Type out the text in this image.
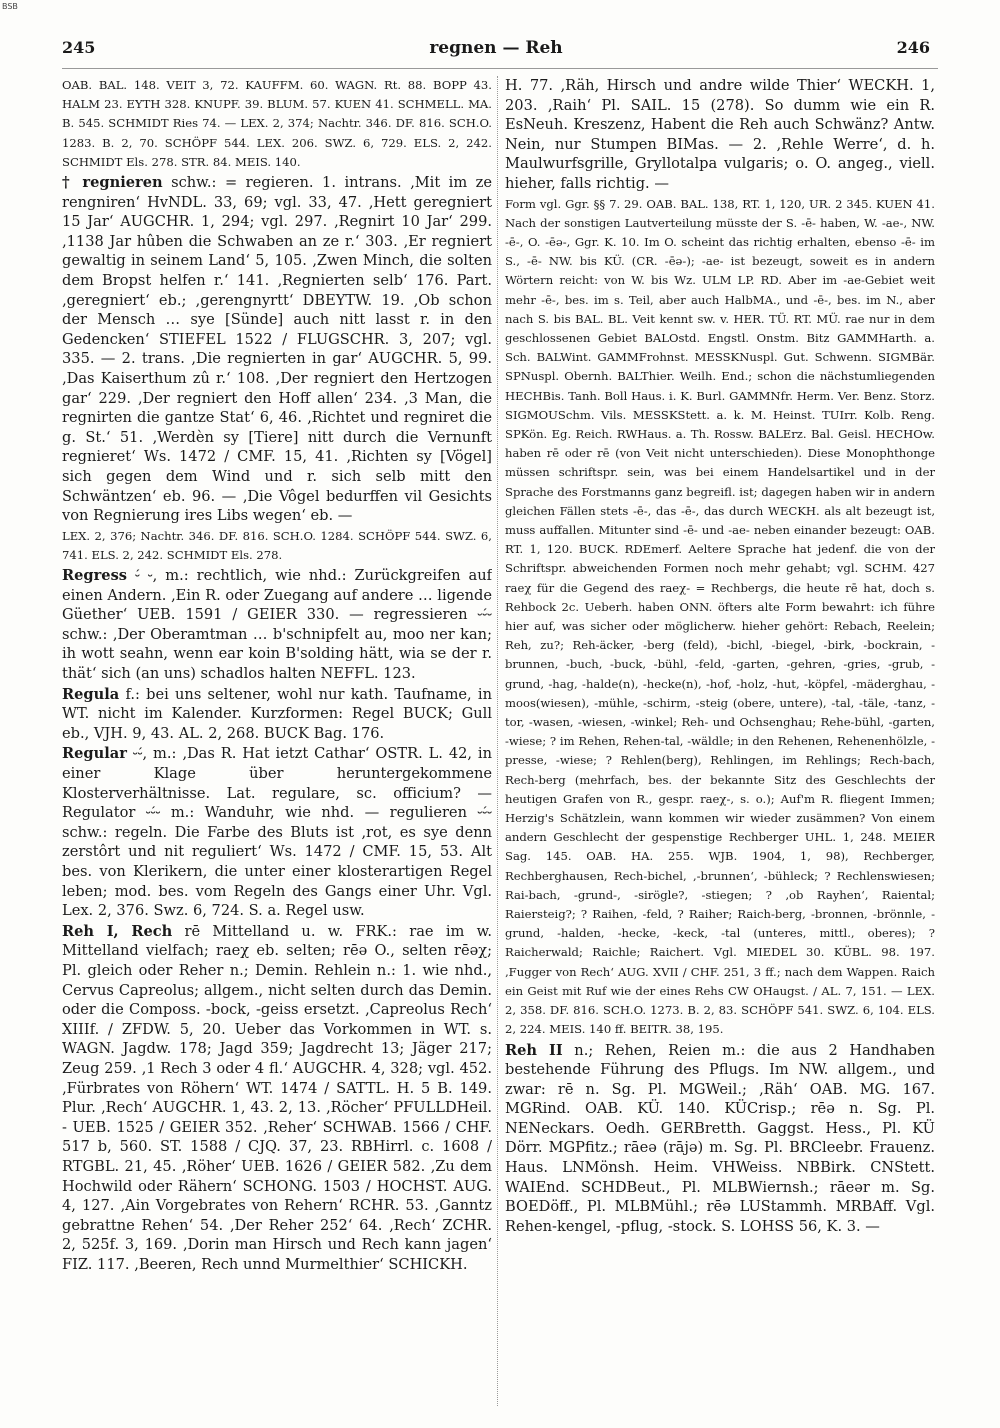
BSB
245	regnen — Reh	246

OAB. BAL. 148. VEIT 3, 72. KAUFFM. 60. WAGN. Rt. 88. BOPP 43. HALM 23. EYTH 328. KNUPF. 39. BLUM. 57. KUEN 41. SCHMELL. MA. B. 545. SCHMIDT Ries 74. — LEX. 2, 374; Nachtr. 346. DF. 816. SCH.O. 1283. B. 2, 70. SCHÖPF 544. LEX. 206. SWZ. 6, 729. ELS. 2, 242. SCHMIDT Els. 278. STR. 84. MEIS. 140.

† regnieren schw.: = regieren. 1. intrans. ‚Mit im ze rengniren‘ HvNDL. 33, 69; vgl. 33, 47. ‚Hett geregniert 15 Jar‘ AUGCHR. 1, 294; vgl. 297. ‚Regnirt 10 Jar‘ 299. ‚1138 Jar hûben die Schwaben an ze r.‘ 303. ‚Er regniert gewaltig in seinem Land‘ 5, 105. ‚Zwen Minch, die solten dem Bropst helfen r.‘ 141. ‚Regnierten selb‘ 176. Part. ‚geregniert‘ eb.; ‚gerengnyrtt‘ DBEYTW. 19. ‚Ob schon der Mensch … sye [Sünde] auch nitt lasst r. in den Gedencken‘ STIEFEL 1522 / FLUGSCHR. 3, 207; vgl. 335. — 2. trans. ‚Die regnierten in gar‘ AUGCHR. 5, 99. ‚Das Kaiserthum zû r.‘ 108. ‚Der regniert den Hertzogen gar‘ 229. ‚Der regniert den Hoff allen‘ 234. ‚3 Man, die regnirten die gantze Stat‘ 6, 46. ‚Richtet und regniret die g. St.‘ 51. ‚Werdèn sy [Tiere] nitt durch die Vernunft regnieret‘ Ws. 1472 / CMF. 15, 41. ‚Richten sy [Vögel] sich gegen dem Wind und r. sich selb mitt den Schwäntzen‘ eb. 96. — ‚Die Vôgel bedurffen vil Gesichts von Regnierung ires Libs wegen‘ eb. —

LEX. 2, 376; Nachtr. 346. DF. 816. SCH.O. 1284. SCHÖPF 544. SWZ. 6, 741. ELS. 2, 242. SCHMIDT Els. 278.

Regress ⏑́ ⏑, m.: rechtlich, wie nhd.: Zurückgreifen auf einen Andern. ‚Ein R. oder Zuegang auf andere … ligende Güether‘ UEB. 1591 / GEIER 330. — regressieren ⏑⏑́⏑ schw.: ‚Der Oberamtman … b'schnipfelt au, moo ner kan; ih wott seahn, wenn ear koin B'solding hätt, wia se der r. thät‘ sich (an uns) schadlos halten NEFFL. 123.

Regula f.: bei uns seltener, wohl nur kath. Taufname, in WT. nicht im Kalender. Kurzformen: Regel BUCK; Gull eb., VJH. 9, 43. AL. 2, 268. BUCK Bag. 176.

Regular ⏑⏑́, m.: ‚Das R. Hat ietzt Cathar‘ OSTR. L. 42, in einer Klage über heruntergekommene Klosterverhältnisse. Lat. regulare, sc. officium? — Regulator ⏑⏑́⏑ m.: Wanduhr, wie nhd. — regulieren ⏑⏑́⏑ schw.: regeln. Die Farbe des Bluts ist ‚rot, es sye denn zerstôrt und nit reguliert‘ Ws. 1472 / CMF. 15, 53. Alt bes. von Klerikern, die unter einer klosterartigen Regel leben; mod. bes. vom Regeln des Gangs einer Uhr. Vgl. Lex. 2, 376. Swz. 6, 724. S. a. Regel usw.

Reh I, Rech rē Mittelland u. w. FRK.: rae im w. Mittelland vielfach; raeχ eb. selten; rēə O., selten rēəχ; Pl. gleich oder Reher n.; Demin. Rehlein n.: 1. wie nhd., Cervus Capreolus; allgem., nicht selten durch das Demin. oder die Composs. -bock, -geiss ersetzt. ‚Capreolus Rech‘ XIIIf. / ZFDW. 5, 20. Ueber das Vorkommen in WT. s. WAGN. Jagdw. 178; Jagd 359; Jagdrecht 13; Jäger 217; Zeug 259. ‚1 Rech 3 oder 4 fl.‘ AUGCHR. 4, 328; vgl. 452. ‚Fürbrates von Röhern‘ WT. 1474 / SATTL. H. 5 B. 149. Plur. ‚Rech‘ AUGCHR. 1, 43. 2, 13. ‚Röcher‘ PFULLDHeil. - UEB. 1525 / GEIER 352. ‚Reher‘ SCHWAB. 1566 / CHF. 517 b, 560. ST. 1588 / CJQ. 37, 23. RBHirrl. c. 1608 / RTGBL. 21, 45. ‚Röher‘ UEB. 1626 / GEIER 582. ‚Zu dem Hochwild oder Rähern‘ SCHONG. 1503 / HOCHST. AUG. 4, 127. ‚Ain Vorgebrates von Rehern‘ RCHR. 53. ‚Ganntz gebrattne Rehen‘ 54. ‚Der Reher 252‘ 64. ‚Rech‘ ZCHR. 2, 525f. 3, 169. ‚Dorin man Hirsch und Rech kann jagen‘ FIZ. 117. ‚Beeren, Rech unnd Murmelthier‘ SCHICKH.

H. 77. ‚Räh, Hirsch und andre wilde Thier‘ WECKH. 1, 203. ‚Raih‘ Pl. SAIL. 15 (278). So dumm wie ein R. EsNeuh. Kreszenz, Habent die Reh auch Schwänz? Antw. Nein, nur Stumpen BIMas. — 2. ‚Rehle Werre‘, d. h. Maulwurfsgrille, Gryllotalpa vulgaris; o. O. angeg., viell. hieher, falls richtig. —

Form vgl. Ggr. §§ 7. 29. OAB. BAL. 138, RT. 1, 120, UR. 2 345. KUEN 41. Nach der sonstigen Lautverteilung müsste der S. -ē- haben, W. -ae-, NW. -ē-, O. -ēə-, Ggr. K. 10. Im O. scheint das richtig erhalten, ebenso -ē- im S., -ē- NW. bis KÜ. (CR. -ēə-); -ae- ist bezeugt, soweit es in andern Wörtern reicht: von W. bis Wz. ULM LP. RD. Aber im -ae-Gebiet weit mehr -ē-, bes. im s. Teil, aber auch HalbMA., und -ē-, bes. im N., aber nach S. bis BAL. BL. Veit kennt sw. v. HER. TÜ. RT. MÜ. rae nur in dem geschlossenen Gebiet BALOstd. Engstl. Onstm. Bitz GAMMHarth. a. Sch. BALWint. GAMMFrohnst. MESSKNuspl. Gut. Schwenn. SIGMBär. SPNuspl. Obernh. BALThier. Weilh. End.; schon die nächstumliegenden HECHBis. Tanh. Boll Haus. i. K. Burl. GAMMNfr. Herm. Ver. Benz. Storz. SIGMOUSchm. Vils. MESSKStett. a. k. M. Heinst. TUIrr. Kolb. Reng. SPKön. Eg. Reich. RWHaus. a. Th. Rossw. BALErz. Bal. Geisl. HECHOw. haben rē oder rē (von Veit nicht unterschieden). Diese Monophthonge müssen schriftspr. sein, was bei einem Handelsartikel und in der Sprache des Forstmanns ganz begreifl. ist; dagegen haben wir in andern gleichen Fällen stets -ē-, das -ē-, das durch WECKH. als alt bezeugt ist, muss auffallen. Mitunter sind -ē- und -ae- neben einander bezeugt: OAB. RT. 1, 120. BUCK. RDEmerf. Aeltere Sprache hat jedenf. die von der Schriftspr. abweichenden Formen noch mehr gehabt; vgl. SCHM. 427 raeχ für die Gegend des raeχ- = Rechbergs, die heute rē hat, doch s. Rehbock 2c. Ueberh. haben ONN. öfters alte Form bewahrt: ich führe hier auf, was sicher oder möglicherw. hieher gehört: Rebach, Reelein; Reh, zu?; Reh-äcker, -berg (feld), -bichl, -biegel, -birk, -bockrain, -brunnen, -buch, -buck, -bühl, -feld, -garten, -gehren, -gries, -grub, -grund, -hag, -halde(n), -hecke(n), -hof, -holz, -hut, -köpfel, -mäderghau, -moos(wiesen), -mühle, -schirm, -steig (obere, untere), -tal, -täle, -tanz, -tor, -wasen, -wiesen, -winkel; Reh- und Ochsenghau; Rehe-bühl, -garten, -wiese; ? im Rehen, Rehen-tal, -wäldle; in den Rehenen, Rehenenhölzle, -presse, -wiese; ? Rehlen(berg), Rehlingen, im Rehlings; Rech-bach, Rech-berg (mehrfach, bes. der bekannte Sitz des Geschlechts der heutigen Grafen von R., gespr. raeχ-, s. o.); Auf'm R. fliegent Immen; Herzig's Schätzlein, wann kommen wir wieder zusämmen? Von einem andern Geschlecht der gespenstige Rechberger UHL. 1, 248. MEIER Sag. 145. OAB. HA. 255. WJB. 1904, 1, 98), Rechberger, Rechberghausen, Rech-bichel, ‚-brunnen‘, -bühleck; ? Rechlenswiesen; Rai-bach, -grund-, -sirögle?, -stiegen; ? ‚ob Rayhen‘, Raiental; Raiersteig?; ? Raihen, -feld, ? Raiher; Raich-berg, -bronnen, -brönnle, -grund, -halden, -hecke, -keck, -tal (unteres, mittl., oberes); ? Raicherwald; Raichle; Raichert. Vgl. MIEDEL 30. KÜBL. 98. 197. ‚Fugger von Rech‘ AUG. XVII / CHF. 251, 3 ff.; nach dem Wappen. Raich ein Geist mit Ruf wie der eines Rehs CW OHaugst. / AL. 7, 151. — LEX. 2, 358. DF. 816. SCH.O. 1273. B. 2, 83. SCHÖPF 541. SWZ. 6, 104. ELS. 2, 224. MEIS. 140 ff. BEITR. 38, 195.

Reh II n.; Rehen, Reien m.: die aus 2 Handhaben bestehende Führung des Pflugs. Im NW. allgem., und zwar: rē n. Sg. Pl. MGWeil.; ‚Räh‘ OAB. MG. 167. MGRind. OAB. KÜ. 140. KÜCrisp.; rēə n. Sg. Pl. NENeckars. Oedh. GERBretth. Gaggst. Hess., Pl. KÜ Dörr. MGPfitz.; rāeə (rājə) m. Sg. Pl. BRCleebr. Frauenz. Haus. LNMönsh. Heim. VHWeiss. NBBirk. CNStett. WAIEnd. SCHDBeut., Pl. MLBWiernsh.; rāeər m. Sg. BOEDöff., Pl. MLBMühl.; rēə LUStammh. MRBAff. Vgl. Rehen-kengel, -pflug, -stock. S. LOHSS 56, K. 3. —
